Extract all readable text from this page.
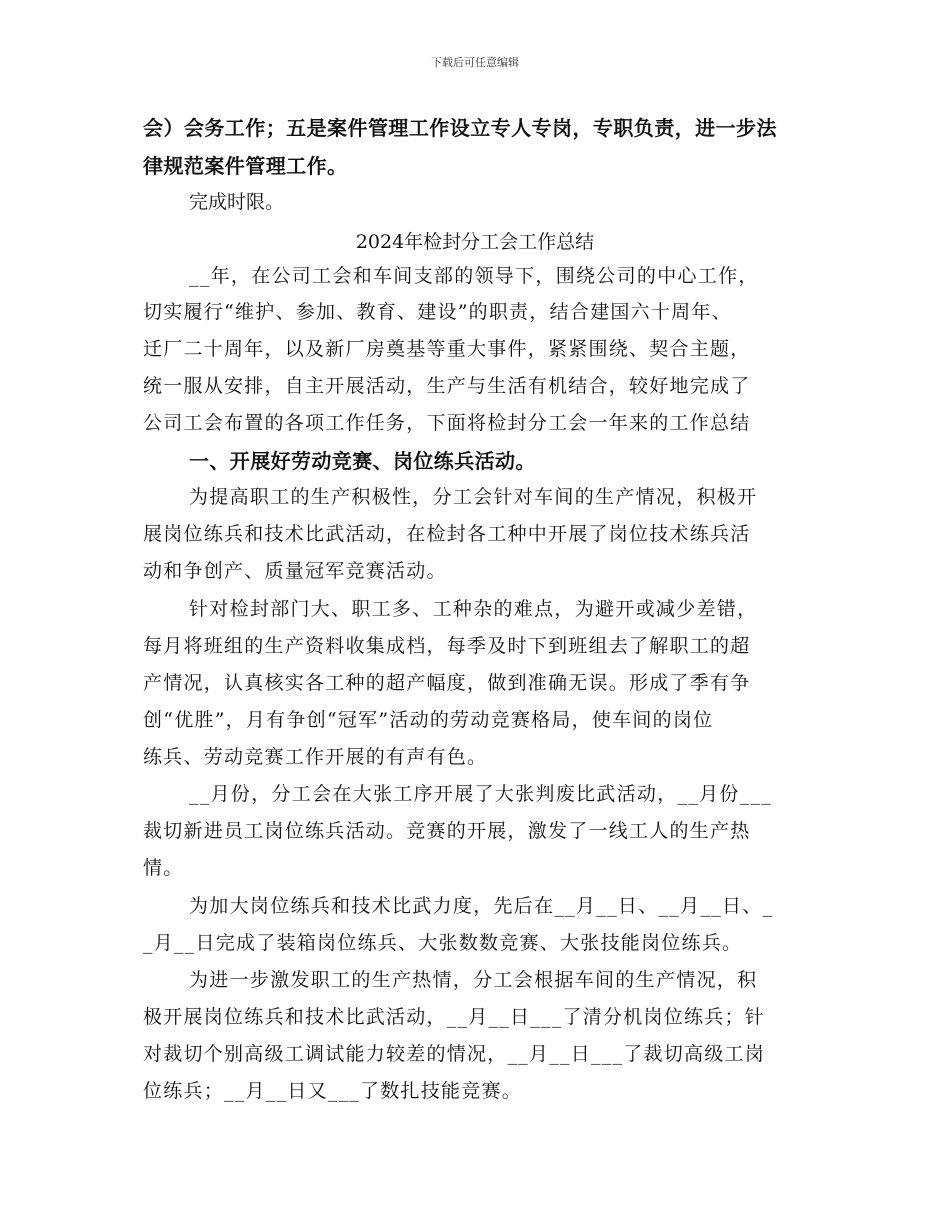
下载后可任意编辑
会）会务工作；五是案件管理工作设立专人专岗，专职负责，进一步法
律规范案件管理工作。
完成时限。
2024年检封分工会工作总结
__年，在公司工会和车间支部的领导下，围绕公司的中心工作，
切实履行“维护、参加、教育、建设”的职责，结合建国六十周年、
迁厂二十周年，以及新厂房奠基等重大事件，紧紧围绕、契合主题，
统一服从安排，自主开展活动，生产与生活有机结合，较好地完成了
公司工会布置的各项工作任务，下面将检封分工会一年来的工作总结
一、开展好劳动竞赛、岗位练兵活动。
为提高职工的生产积极性，分工会针对车间的生产情况，积极开
展岗位练兵和技术比武活动，在检封各工种中开展了岗位技术练兵活
动和争创产、质量冠军竞赛活动。
针对检封部门大、职工多、工种杂的难点，为避开或减少差错，
每月将班组的生产资料收集成档，每季及时下到班组去了解职工的超
产情况，认真核实各工种的超产幅度，做到准确无误。形成了季有争
创“优胜”，月有争创“冠军”活动的劳动竞赛格局，使车间的岗位
练兵、劳动竞赛工作开展的有声有色。
__月份，分工会在大张工序开展了大张判废比武活动，__月份___
裁切新进员工岗位练兵活动。竞赛的开展，激发了一线工人的生产热
情。
为加大岗位练兵和技术比武力度，先后在__月__日、__月__日、_
_月__日完成了装箱岗位练兵、大张数数竞赛、大张技能岗位练兵。
为进一步激发职工的生产热情，分工会根据车间的生产情况，积
极开展岗位练兵和技术比武活动，__月__日___了清分机岗位练兵；针
对裁切个别高级工调试能力较差的情况，__月__日___了裁切高级工岗
位练兵；__月__日又___了数扎技能竞赛。
